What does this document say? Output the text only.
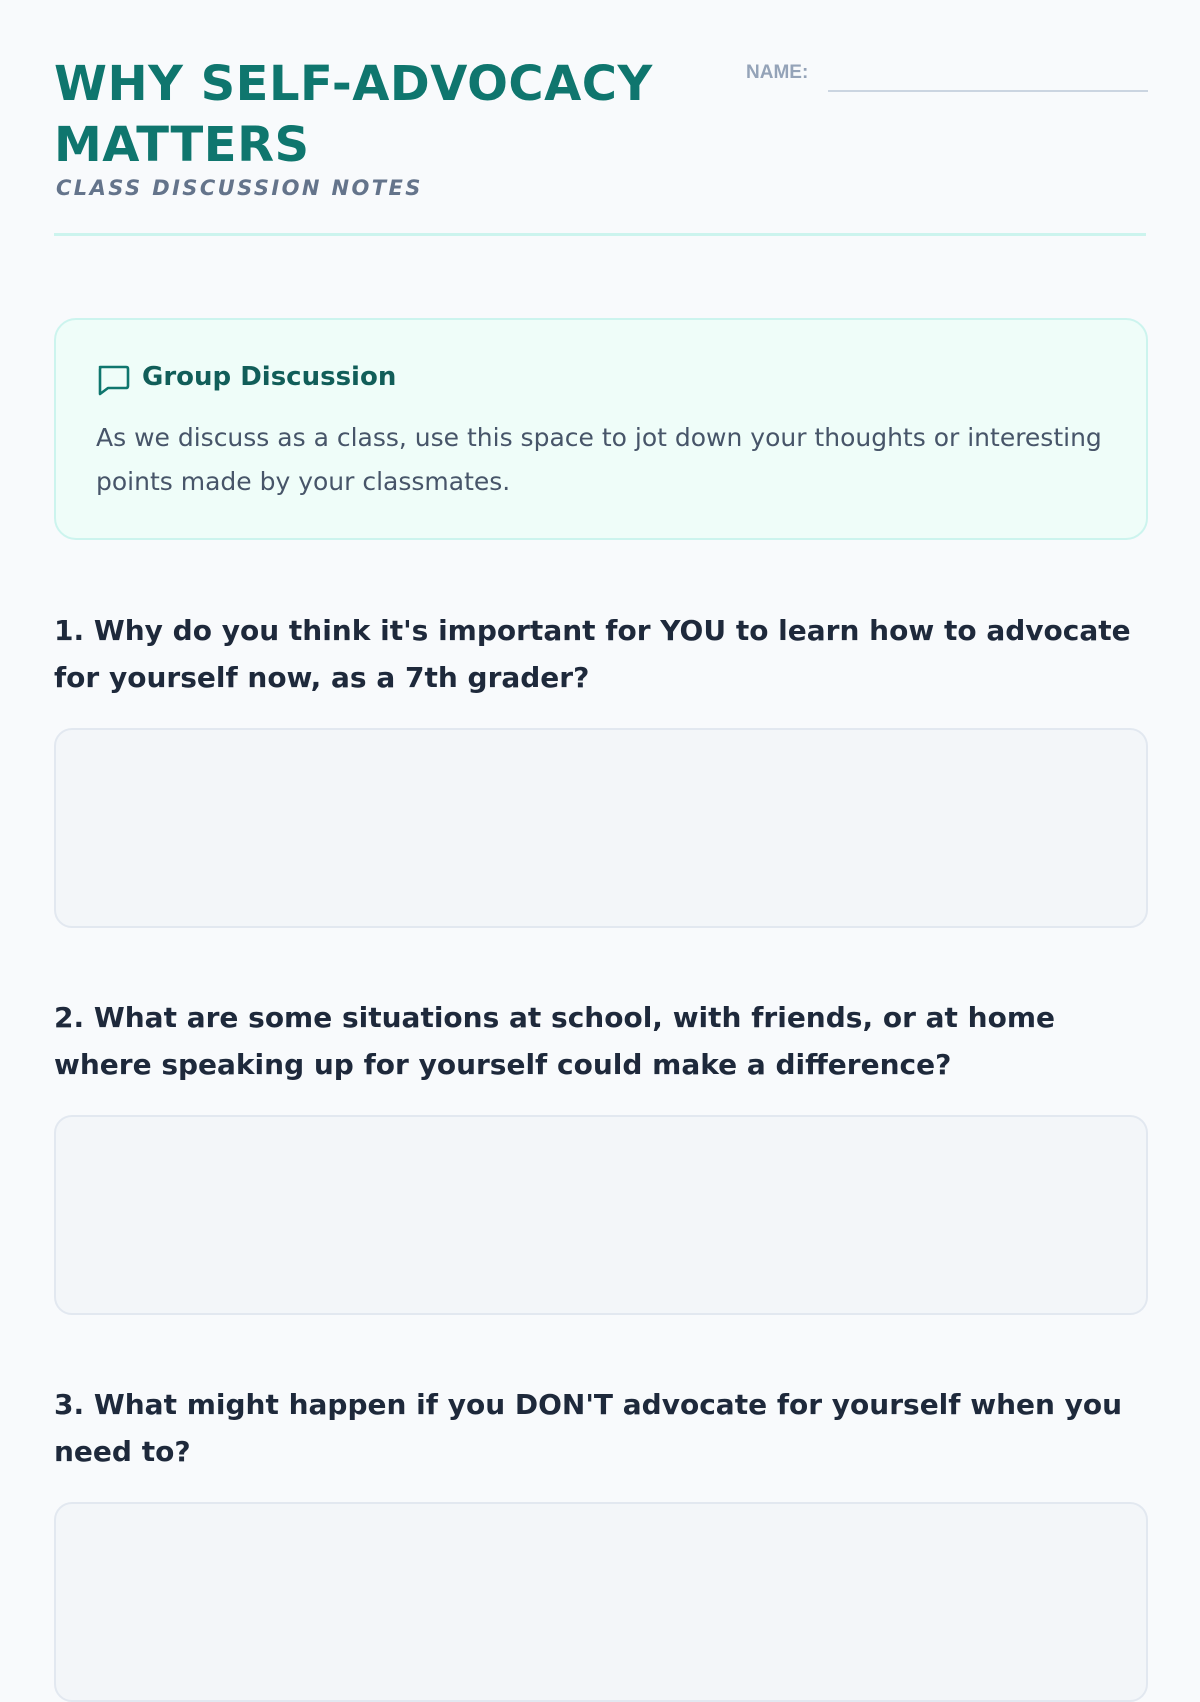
WHY SELF-ADVOCACY MATTERS
CLASS DISCUSSION NOTES
NAME:
Group Discussion
As we discuss as a class, use this space to jot down your thoughts or interesting points made by your classmates.
1. Why do you think it's important for YOU to learn how to advocate for yourself now, as a 7th grader?
2. What are some situations at school, with friends, or at home where speaking up for yourself could make a difference?
3. What might happen if you DON'T advocate for yourself when you need to?
